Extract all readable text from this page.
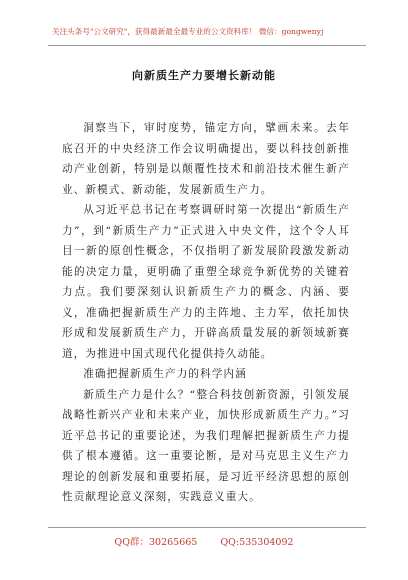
关注头条号"公文研究"，获得最新最全最专业的公文资料库！ 微信：gongwenyj
向新质生产力要增长新动能

洞察当下，审时度势，锚定方向，擘画未来。去年底召开的中央经济工作会议明确提出，要以科技创新推动产业创新，特别是以颠覆性技术和前沿技术催生新产业、新模式、新动能，发展新质生产力。

从习近平总书记在考察调研时第一次提出“新质生产力”，到“新质生产力”正式进入中央文件，这个令人耳目一新的原创性概念，不仅指明了新发展阶段激发新动能的决定力量，更明确了重塑全球竞争新优势的关键着力点。我们要深刻认识新质生产力的概念、内涵、要义，准确把握新质生产力的主阵地、主力军，依托加快形成和发展新质生产力，开辟高质量发展的新领域新赛道，为推进中国式现代化提供持久动能。

准确把握新质生产力的科学内涵

新质生产力是什么？“整合科技创新资源，引领发展战略性新兴产业和未来产业，加快形成新质生产力。”习近平总书记的重要论述，为我们理解把握新质生产力提供了根本遵循。这一重要论断，是对马克思主义生产力理论的创新发展和重要拓展，是习近平经济思想的原创性贡献理论意义深刻，实践意义重大。

QQ群：30265665 QQ:535304092
